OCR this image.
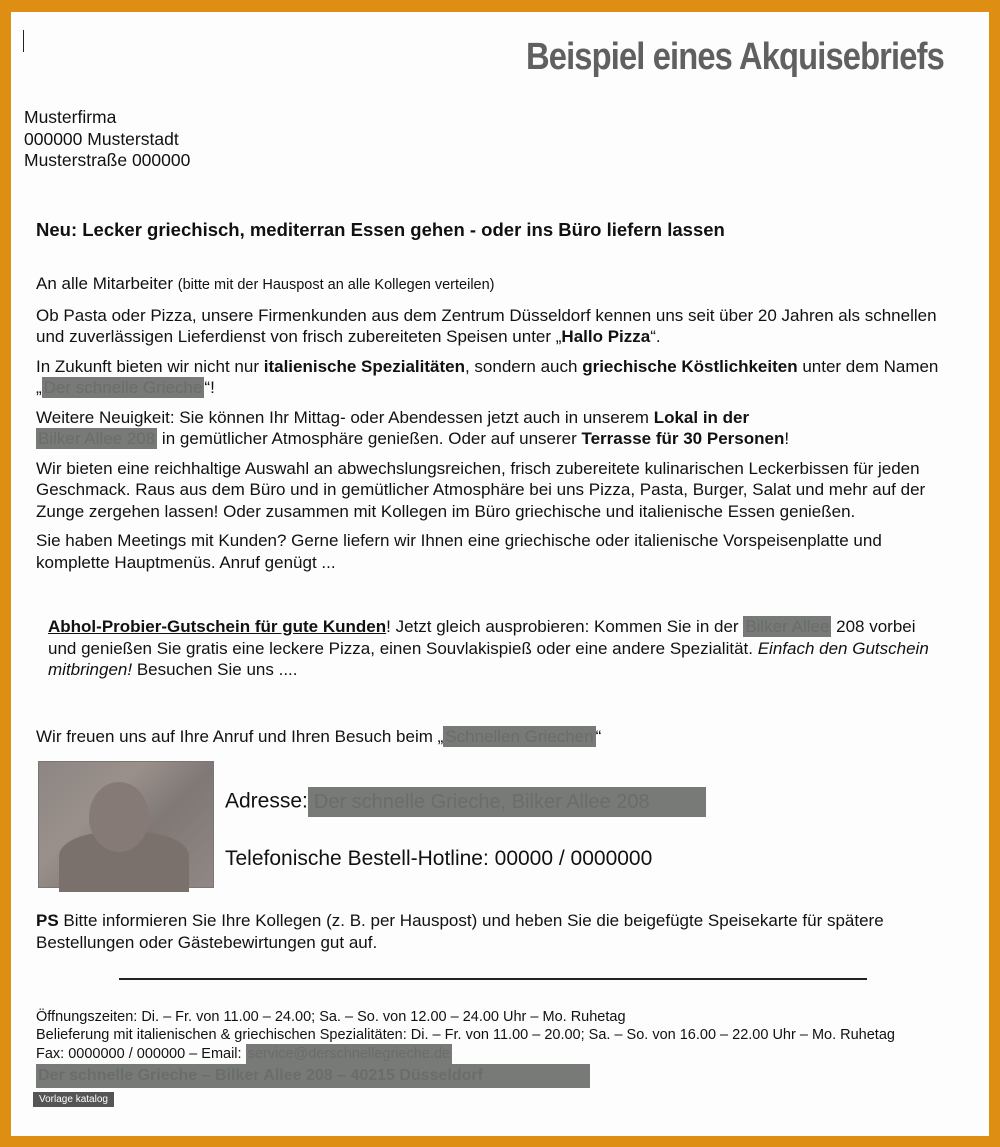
Beispiel eines Akquisebriefs
Musterfirma
000000 Musterstadt
Musterstraße 000000
Neu: Lecker griechisch, mediterran Essen gehen - oder ins Büro liefern lassen

An alle Mitarbeiter (bitte mit der Hauspost an alle Kollegen verteilen)

Ob Pasta oder Pizza, unsere Firmenkunden aus dem Zentrum Düsseldorf kennen uns seit über 20 Jahren als schnellen und zuverlässigen Lieferdienst von frisch zubereiteten Speisen unter „Hallo Pizza“.

In Zukunft bieten wir nicht nur italienische Spezialitäten, sondern auch griechische Köstlichkeiten unter dem Namen „ Der schnelle Grieche “!

Weitere Neuigkeit: Sie können Ihr Mittag- oder Abendessen jetzt auch in unserem Lokal in der
Bilker Allee 208 in gemütlicher Atmosphäre genießen. Oder auf unserer Terrasse für 30 Personen!

Wir bieten eine reichhaltige Auswahl an abwechslungsreichen, frisch zubereitete kulinarischen Leckerbissen für jeden Geschmack. Raus aus dem Büro und in gemütlicher Atmosphäre bei uns Pizza, Pasta, Burger, Salat und mehr auf der Zunge zergehen lassen! Oder zusammen mit Kollegen im Büro griechische und italienische Essen genießen.

Sie haben Meetings mit Kunden? Gerne liefern wir Ihnen eine griechische oder italienische Vorspeisenplatte und komplette Hauptmenüs. Anruf genügt ...

Abhol-Probier-Gutschein für gute Kunden! Jetzt gleich ausprobieren: Kommen Sie in der Bilker Allee 208 vorbei und genießen Sie gratis eine leckere Pizza, einen Souvlakispieß oder eine andere Spezialität. Einfach den Gutschein mitbringen! Besuchen Sie uns ....
Wir freuen uns auf Ihre Anruf und Ihren Besuch beim „ Schnellen Griechen “
Adresse: Der schnelle Grieche, Bilker Allee 208
Telefonische Bestell-Hotline: 00000 / 0000000
PS Bitte informieren Sie Ihre Kollegen (z. B. per Hauspost) und heben Sie die beigefügte Speisekarte für spätere Bestellungen oder Gästebewirtungen gut auf.
Öffnungszeiten: Di. – Fr. von 11.00 – 24.00; Sa. – So. von 12.00 – 24.00 Uhr – Mo. Ruhetag
Belieferung mit italienischen & griechischen Spezialitäten: Di. – Fr. von 11.00 – 20.00; Sa. – So. von 16.00 – 22.00 Uhr – Mo. Ruhetag
Fax: 0000000 / 000000 – Email: service@derschnellegrieche.de
Der schnelle Grieche – Bilker Allee 208 – 40215 Düsseldorf
Vorlage katalog
